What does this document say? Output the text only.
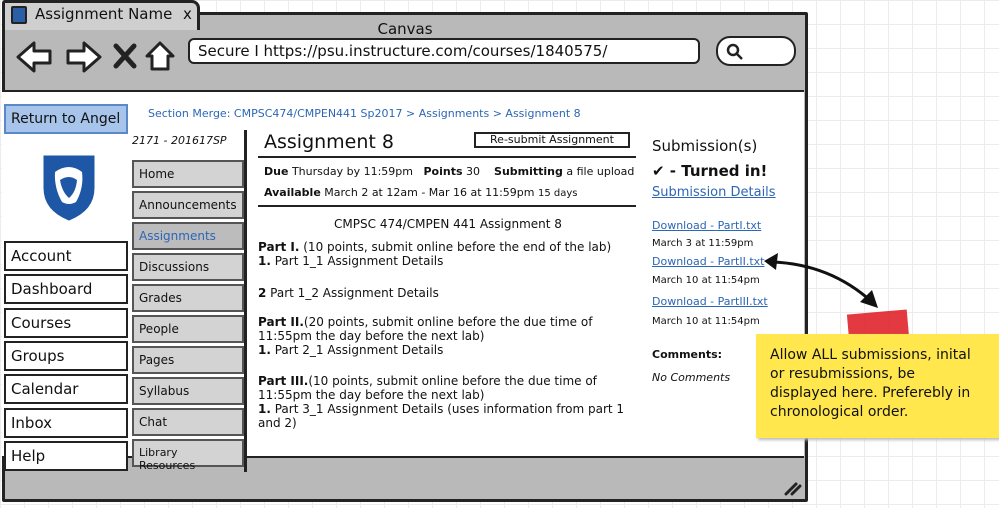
Assignment Name x
Canvas
Secure I https://psu.instructure.com/courses/1840575/
Return to Angel
Account
Dashboard
Courses
Groups
Calendar
Inbox
Help
Section Merge: CMPSC474/CMPEN441 Sp2017 > Assignments > Assignment 8
2171 - 201617SP
Home
Announcements
Assignments
Discussions
Grades
People
Pages
Syllabus
Chat
Library Resources
Assignment 8	Re-submit Assignment
Due Thursday by 11:59pm Points 30 Submitting a file upload
Available March 2 at 12am - Mar 16 at 11:59pm 15 days
CMPSC 474/CMPEN 441 Assignment 8
Part I. (10 points, submit online before the end of the lab)
1. Part 1_1 Assignment Details
2 Part 1_2 Assignment Details
Part II.(20 points, submit online before the due time of 11:55pm the day before the next lab)
1. Part 2_1 Assignment Details
Part III.(10 points, submit online before the due time of 11:55pm the day before the next lab)
1. Part 3_1 Assignment Details (uses information from part 1 and 2)
Submission(s)
✔ - Turned in!
Submission Details
Download - PartI.txt
March 3 at 11:59pm
Download - PartII.txt
March 10 at 11:54pm
Download - PartIII.txt
March 10 at 11:54pm
Comments:
No Comments
Allow ALL submissions, inital or resubmissions, be displayed here. Preferebly in chronological order.
